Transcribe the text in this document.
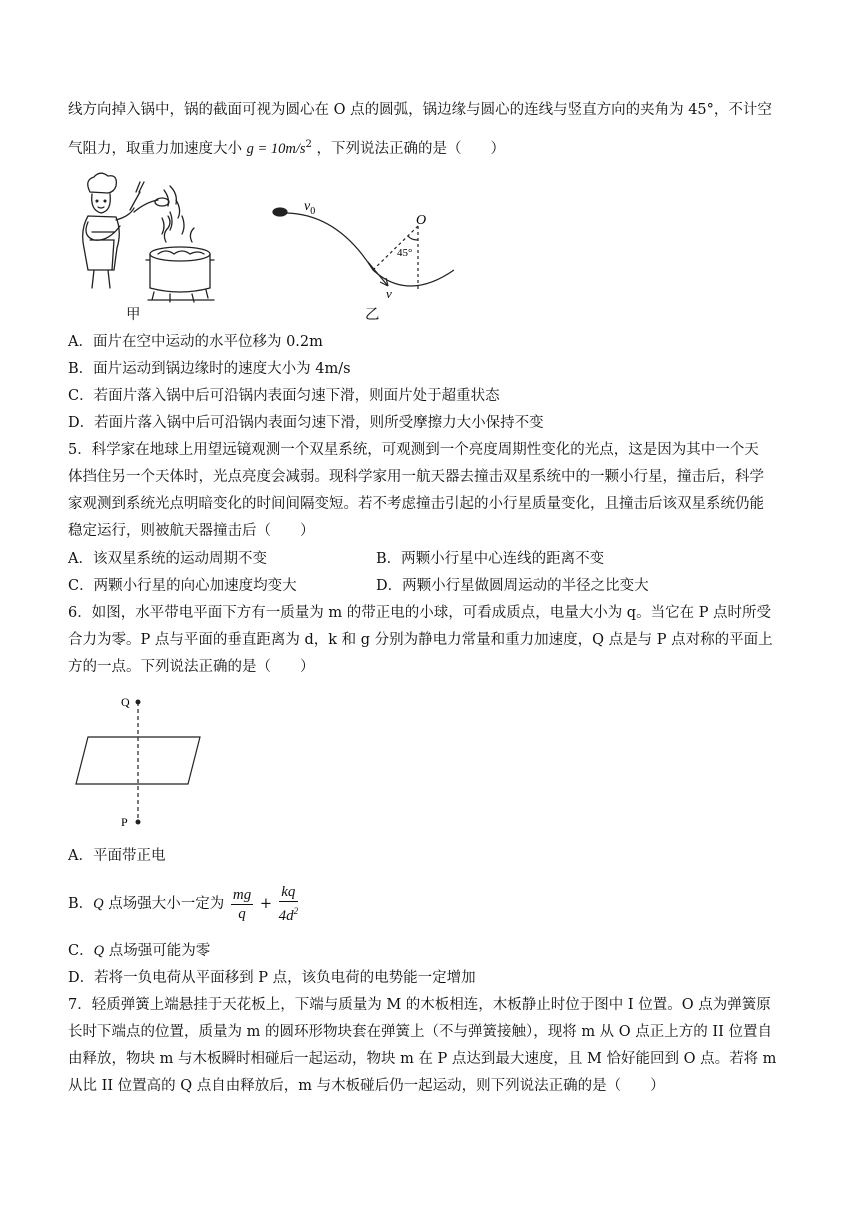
线方向掉入锅中，锅的截面可视为圆心在 O 点的圆弧，锅边缘与圆心的连线与竖直方向的夹角为 45°，不计空
气阻力，取重力加速度大小 $g = 10m/s^2$ ，下列说法正确的是（　　）
甲
$v_0$
O
45°
v
乙
A．面片在空中运动的水平位移为 0.2m
B．面片运动到锅边缘时的速度大小为 4m/s
C．若面片落入锅中后可沿锅内表面匀速下滑，则面片处于超重状态
D．若面片落入锅中后可沿锅内表面匀速下滑，则所受摩擦力大小保持不变
5．科学家在地球上用望远镜观测一个双星系统，可观测到一个亮度周期性变化的光点，这是因为其中一个天
体挡住另一个天体时，光点亮度会减弱。现科学家用一航天器去撞击双星系统中的一颗小行星，撞击后，科学
家观测到系统光点明暗变化的时间间隔变短。若不考虑撞击引起的小行星质量变化，且撞击后该双星系统仍能
稳定运行，则被航天器撞击后（　　）
A．该双星系统的运动周期不变	B．两颗小行星中心连线的距离不变
C．两颗小行星的向心加速度均变大	D．两颗小行星做圆周运动的半径之比变大
6．如图，水平带电平面下方有一质量为 m 的带正电的小球，可看成质点，电量大小为 q。当它在 P 点时所受
合力为零。P 点与平面的垂直距离为 d，k 和 g 分别为静电力常量和重力加速度，Q 点是与 P 点对称的平面上
方的一点。下列说法正确的是（　　）
Q
P
A．平面带正电
B．Q 点场强大小一定为 $\frac{mg}{q} + \frac{kq}{4d^2}$
C．Q 点场强可能为零
D．若将一负电荷从平面移到 P 点，该负电荷的电势能一定增加
7．轻质弹簧上端悬挂于天花板上，下端与质量为 M 的木板相连，木板静止时位于图中 I 位置。O 点为弹簧原
长时下端点的位置，质量为 m 的圆环形物块套在弹簧上（不与弹簧接触），现将 m 从 O 点正上方的 II 位置自
由释放，物块 m 与木板瞬时相碰后一起运动，物块 m 在 P 点达到最大速度，且 M 恰好能回到 O 点。若将 m
从比 II 位置高的 Q 点自由释放后，m 与木板碰后仍一起运动，则下列说法正确的是（　　）
